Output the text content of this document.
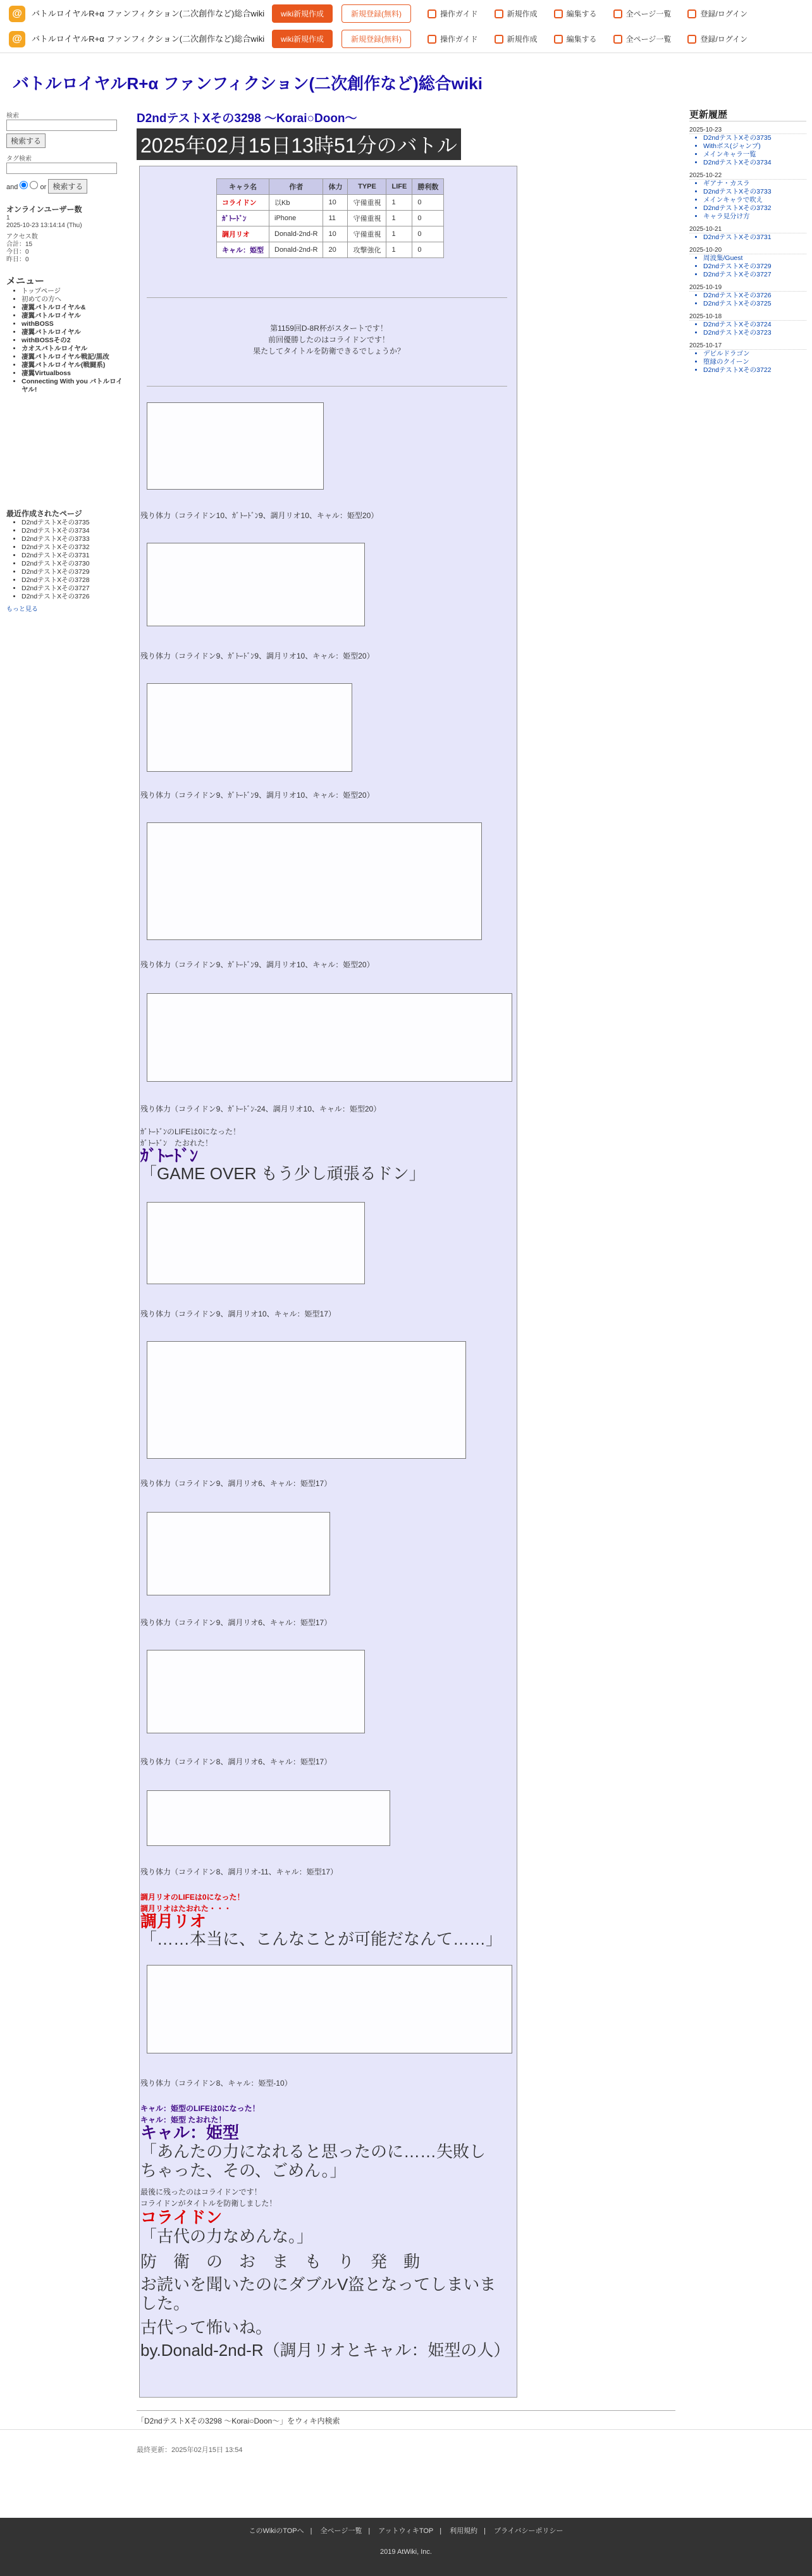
@	バトルロイヤルR+α ファンフィクション(二次創作など)総合wiki	wiki新規作成	新規登録(無料)	操作ガイド	新規作成	編集する	全ページ一覧	登録/ログイン
@	バトルロイヤルR+α ファンフィクション(二次創作など)総合wiki	wiki新規作成	新規登録(無料)	操作ガイド	新規作成	編集する	全ページ一覧	登録/ログイン
バトルロイヤルR+α ファンフィクション(二次創作など)総合wiki
検索
検索する
タグ検索
and	or 検索する
オンラインユーザー数
1
2025-10-23 13:14:14 (Thu)
アクセス数
合計：15
今日：0
昨日：0
メニュー
• トップページ
• 初めての方へ
• 凄翼バトルロイヤル&
• 凄翼バトルロイヤル
• withBOSS
• 凄翼バトルロイヤル
• withBOSSその2
• カオスバトルロイヤル
• 凄翼バトルロイヤル戦記/黒改
• 凄翼バトルロイヤル(戦闘系)
• 凄翼Virtualboss
• Connecting With you バトルロイヤル!
最近作成されたページ
• D2ndテストXその3735
• D2ndテストXその3734
• D2ndテストXその3733
• D2ndテストXその3732
• D2ndテストXその3731
• D2ndテストXその3730
• D2ndテストXその3729
• D2ndテストXその3728
• D2ndテストXその3727
• D2ndテストXその3726
もっと見る
更新履歴
2025-10-23
• D2ndテストXその3735
• Withボス(ジャンプ)
• メインキャラ一覧
• D2ndテストXその3734
2025-10-22
• ギアナ・カスラ
• D2ndテストXその3733
• メインキャラで吹え
• D2ndテストXその3732
• キャラ見分け方
2025-10-21
• D2ndテストXその3731
2025-10-20
• 周波集/Guest
• D2ndテストXその3729
• D2ndテストXその3727
2025-10-19
• D2ndテストXその3726
• D2ndテストXその3725
2025-10-18
• D2ndテストXその3724
• D2ndテストXその3723
2025-10-17
• デビルドラゴン
• 堕縁のクイーン
• D2ndテストXその3722
D2ndテストXその3298 ～Korai○Doon～
2025年02月15日13時51分のバトル
キャラ名	作者	体力	TYPE	LIFE	勝利数
コライドン	以Kb	10	守備重視	1	0
ｶﾞﾄｰﾄﾞﾝ	iPhone	11	守備重視	1	0
調月リオ	Donald-2nd-R	10	守備重視	1	0
キャル：姫型	Donald-2nd-R	20	攻撃強化	1	0
第1159回D-8R杯がスタートです！
前回優勝したのはコライドンです！
果たしてタイトルを防衛できるでしょうか？
残り体力（コライドン10、ｶﾞﾄｰﾄﾞﾝ9、調月リオ10、キャル：姫型20）
残り体力（コライドン9、ｶﾞﾄｰﾄﾞﾝ9、調月リオ10、キャル：姫型20）
残り体力（コライドン9、ｶﾞﾄｰﾄﾞﾝ9、調月リオ10、キャル：姫型20）
残り体力（コライドン9、ｶﾞﾄｰﾄﾞﾝ9、調月リオ10、キャル：姫型20）
残り体力（コライドン9、ｶﾞﾄｰﾄﾞﾝ-24、調月リオ10、キャル：姫型20）
ｶﾞﾄｰﾄﾞﾝのLIFEは0になった！
ｶﾞﾄｰﾄﾞﾝ　たおれた！
ｶﾞﾄｰﾄﾞﾝ
「GAME OVER もう少し頑張るドン」
残り体力（コライドン9、調月リオ10、キャル：姫型17）
残り体力（コライドン9、調月リオ6、キャル：姫型17）
残り体力（コライドン9、調月リオ6、キャル：姫型17）
残り体力（コライドン8、調月リオ6、キャル：姫型17）
残り体力（コライドン8、調月リオ-11、キャル：姫型17）
調月リオのLIFEは0になった！
調月リオはたおれた・・・
調月リオ
「……本当に、こんなことが可能だなんて……」
残り体力（コライドン8、キャル：姫型-10）
キャル：姫型のLIFEは0になった！
キャル：姫型 たおれた！
キャル：姫型
「あんたの力になれると思ったのに……失敗しちゃった、その、ごめん。」
最後に残ったのはコライドンです！
コライドンがタイトルを防衛しました！
コライドン
「古代の力なめんな。」
防　衛　の　お　ま　も　り　発　動
お読いを聞いたのにダブルV盗となってしまいました。
古代って怖いね。
by.Donald-2nd-R（調月リオとキャル：姫型の人）
「D2ndテストXその3298 ～Korai○Doon～」をウィキ内検索
最終更新：2025年02月15日 13:54
このWikiのTOPへ | 全ページ一覧 | アットウィキTOP | 利用規約 | プライバシーポリシー
2019 AtWiki, Inc.
